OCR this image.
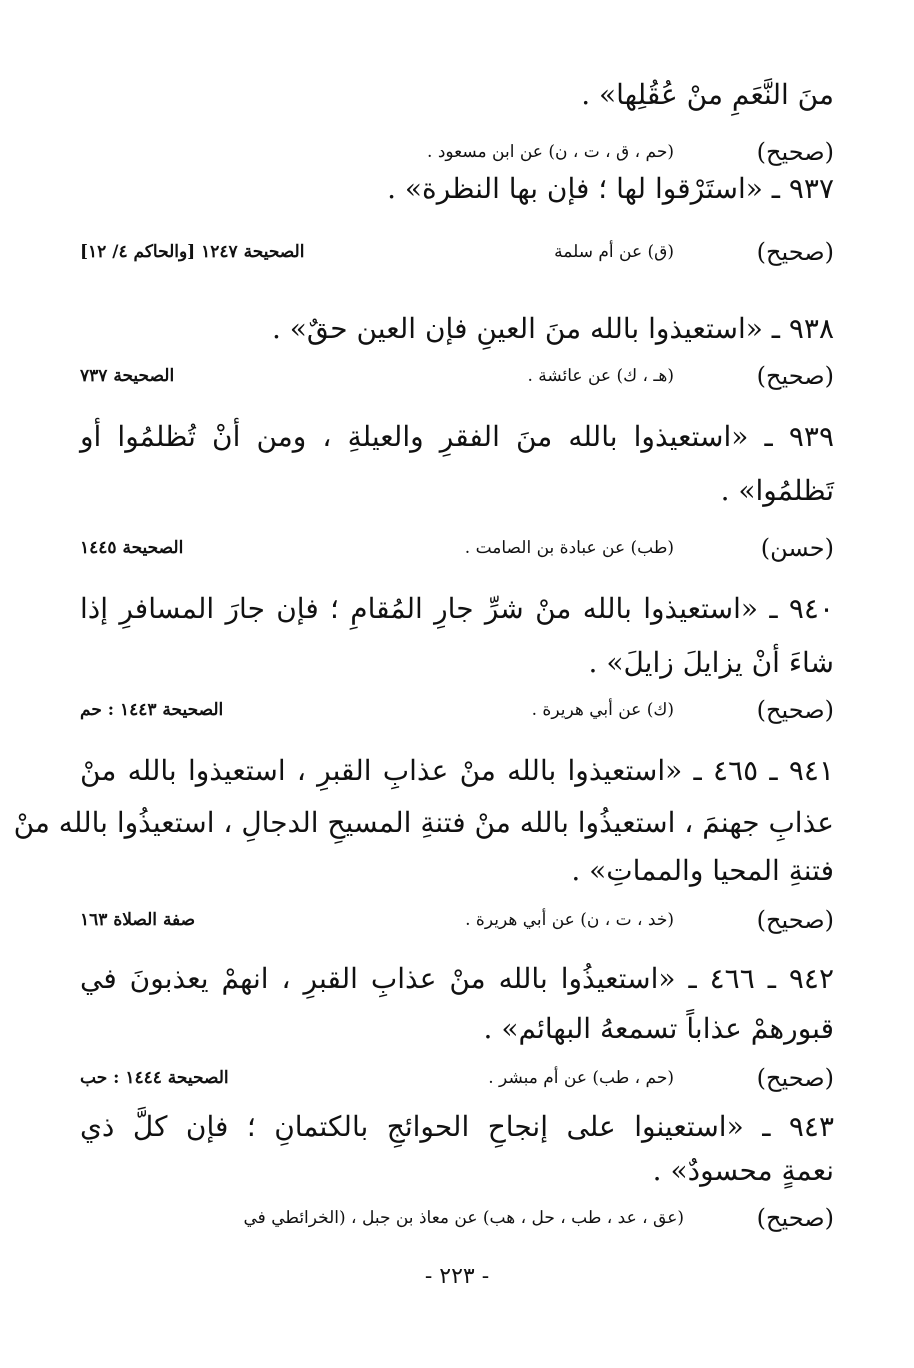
منَ النَّعَمِ منْ عُقُلِها» .
(صحيح)
(حم ، ق ، ت ، ن) عن ابن مسعود .
٩٣٧ ـ «استَرْقوا لها ؛ فإن بها النظرة» .
(صحيح)
(ق) عن أم سلمة
الصحيحة ١٢٤٧ [والحاكم ٤/ ١٢]
٩٣٨ ـ «استعيذوا بالله منَ العينِ فإن العين حقٌ» .
(صحيح)
(هـ ، ك) عن عائشة .
الصحيحة ٧٣٧
٩٣٩ ـ «استعيذوا بالله منَ الفقرِ والعيلةِ ، ومن أنْ تُظلمُوا أو
تَظلمُوا» .
(حسن)
(طب) عن عبادة بن الصامت .
الصحيحة ١٤٤٥
٩٤٠ ـ «استعيذوا بالله منْ شرِّ جارِ المُقامِ ؛ فإن جارَ المسافرِ إذا
شاءَ أنْ يزايلَ زايلَ» .
(صحيح)
(ك) عن أبي هريرة .
الصحيحة ١٤٤٣ : حم
٩٤١ ـ ٤٦٥ ـ «استعيذوا بالله منْ عذابِ القبرِ ، استعيذوا بالله منْ
عذابِ جهنمَ ، استعيذُوا بالله منْ فتنةِ المسيحِ الدجالِ ، استعيذُوا بالله منْ
فتنةِ المحيا والمماتِ» .
(صحيح)
(خد ، ت ، ن) عن أبي هريرة .
صفة الصلاة ١٦٣
٩٤٢ ـ ٤٦٦ ـ «استعيذُوا بالله منْ عذابِ القبرِ ، انهمْ يعذبونَ في
قبورهمْ عذاباً تسمعهُ البهائم» .
(صحيح)
(حم ، طب) عن أم مبشر .
الصحيحة ١٤٤٤ : حب
٩٤٣ ـ «استعينوا على إنجاحِ الحوائجِ بالكتمانِ ؛ فإن كلَّ ذي
نعمةٍ محسودٌ» .
(صحيح)
(عق ، عد ، طب ، حل ، هب) عن معاذ بن جبل ، (الخرائطي في
- ٢٢٣ -
